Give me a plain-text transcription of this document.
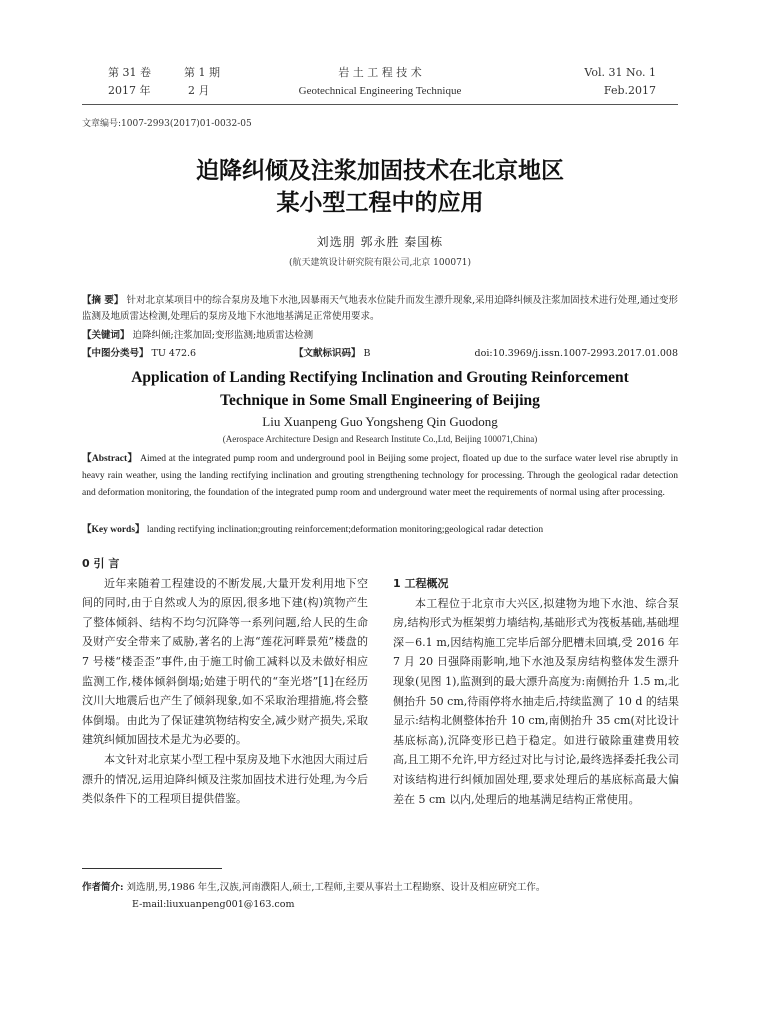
第 31 卷	第 1 期	岩 土 工 程 技 术	Vol. 31 No. 1
2017 年	2 月	Geotechnical Engineering Technique	Feb.2017
文章编号:1007-2993(2017)01-0032-05
迫降纠倾及注浆加固技术在北京地区
某小型工程中的应用
刘选朋 郭永胜 秦国栋
(航天建筑设计研究院有限公司,北京 100071)
【摘 要】 针对北京某项目中的综合泵房及地下水池,因暴雨天气地表水位陡升而发生漂升现象,采用迫降纠倾及注浆加固技术进行处理,通过变形监测及地质雷达检测,处理后的泵房及地下水池地基满足正常使用要求。
【关键词】 迫降纠倾;注浆加固;变形监测;地质雷达检测
【中图分类号】 TU 472.6	【文献标识码】 B	doi:10.3969/j.issn.1007-2993.2017.01.008
Application of Landing Rectifying Inclination and Grouting Reinforcement
Technique in Some Small Engineering of Beijing
Liu Xuanpeng Guo Yongsheng Qin Guodong
(Aerospace Architecture Design and Research Institute Co.,Ltd, Beijing 100071,China)
【Abstract】 Aimed at the integrated pump room and underground pool in Beijing some project, floated up due to the surface water level rise abruptly in heavy rain weather, using the landing rectifying inclination and grouting strengthening technology for processing. Through the geological radar detection and deformation monitoring, the foundation of the integrated pump room and underground water meet the requirements of normal using after processing.
【Key words】 landing rectifying inclination;grouting reinforcement;deformation monitoring;geological radar detection

0 引 言

近年来随着工程建设的不断发展,大量开发利用地下空间的同时,由于自然或人为的原因,很多地下建(构)筑物产生了整体倾斜、结构不均匀沉降等一系列问题,给人民的生命及财产安全带来了威胁,著名的上海“莲花河畔景苑”楼盘的 7 号楼“楼歪歪”事件,由于施工时偷工减料以及未做好相应监测工作,楼体倾斜倒塌;始建于明代的“奎光塔”[1]在经历汶川大地震后也产生了倾斜现象,如不采取治理措施,将会整体倒塌。由此为了保证建筑物结构安全,减少财产损失,采取建筑纠倾加固技术是尤为必要的。

本文针对北京某小型工程中泵房及地下水池因大雨过后漂升的情况,运用迫降纠倾及注浆加固技术进行处理,为今后类似条件下的工程项目提供借鉴。

1 工程概况

本工程位于北京市大兴区,拟建物为地下水池、综合泵房,结构形式为框架剪力墙结构,基础形式为筏板基础,基础埋深－6.1 m,因结构施工完毕后部分肥槽未回填,受 2016 年 7 月 20 日强降雨影响,地下水池及泵房结构整体发生漂升现象(见图 1),监测到的最大漂升高度为:南侧抬升 1.5 m,北侧抬升 50 cm,待雨停将水抽走后,持续监测了 10 d 的结果显示:结构北侧整体抬升 10 cm,南侧抬升 35 cm(对比设计基底标高),沉降变形已趋于稳定。如进行破除重建费用较高,且工期不允许,甲方经过对比与讨论,最终选择委托我公司对该结构进行纠倾加固处理,要求处理后的基底标高最大偏差在 5 cm 以内,处理后的地基满足结构正常使用。

作者简介: 刘选朋,男,1986 年生,汉族,河南濮阳人,硕士,工程师,主要从事岩土工程勘察、设计及相应研究工作。
E-mail:liuxuanpeng001@163.com
